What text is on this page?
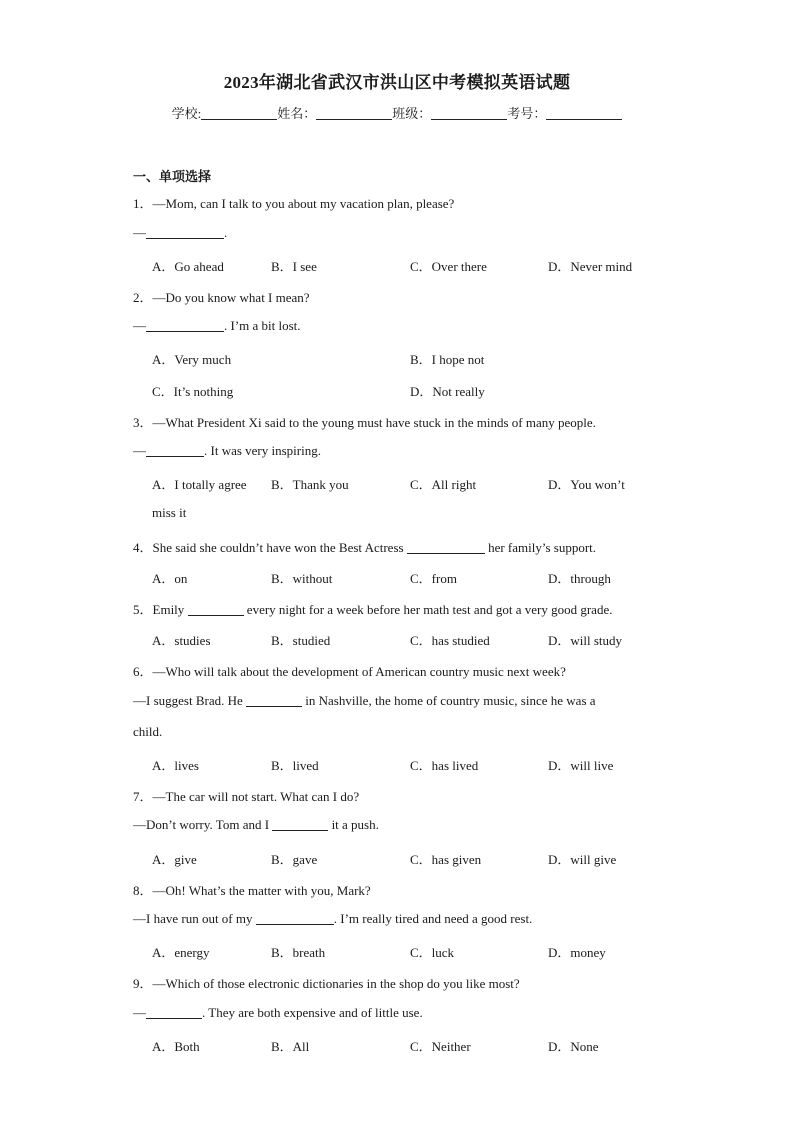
2023年湖北省武汉市洪山区中考模拟英语试题
学校:	姓名：	班级：	考号：
一、单项选择
1．—Mom, can I talk to you about my vacation plan, please?
—	.
A．Go ahead	B．I see	C．Over there	D．Never mind
2．—Do you know what I mean?
—	. I’m a bit lost.
A．Very much	B．I hope not
C．It’s nothing	D．Not really
3．—What President Xi said to the young must have stuck in the minds of many people.
—	. It was very inspiring.
A．I totally agree B．Thank you	C．All right	D．You won’t
miss it
4．She said she couldn’t have won the Best Actress	her family’s support.
A．on	B．without	C．from	D．through
5．Emily	every night for a week before her math test and got a very good grade.
A．studies	B．studied	C．has studied	D．will study
6．—Who will talk about the development of American country music next week?
—I suggest Brad. He	in Nashville, the home of country music, since he was a
child.
A．lives	B．lived	C．has lived	D．will live
7．—The car will not start. What can I do?
—Don’t worry. Tom and I	it a push.
A．give	B．gave	C．has given	D．will give
8．—Oh! What’s the matter with you, Mark?
—I have run out of my	. I’m really tired and need a good rest.
A．energy	B．breath	C．luck	D．money
9．—Which of those electronic dictionaries in the shop do you like most?
—	. They are both expensive and of little use.
A．Both	B．All	C．Neither	D．None
